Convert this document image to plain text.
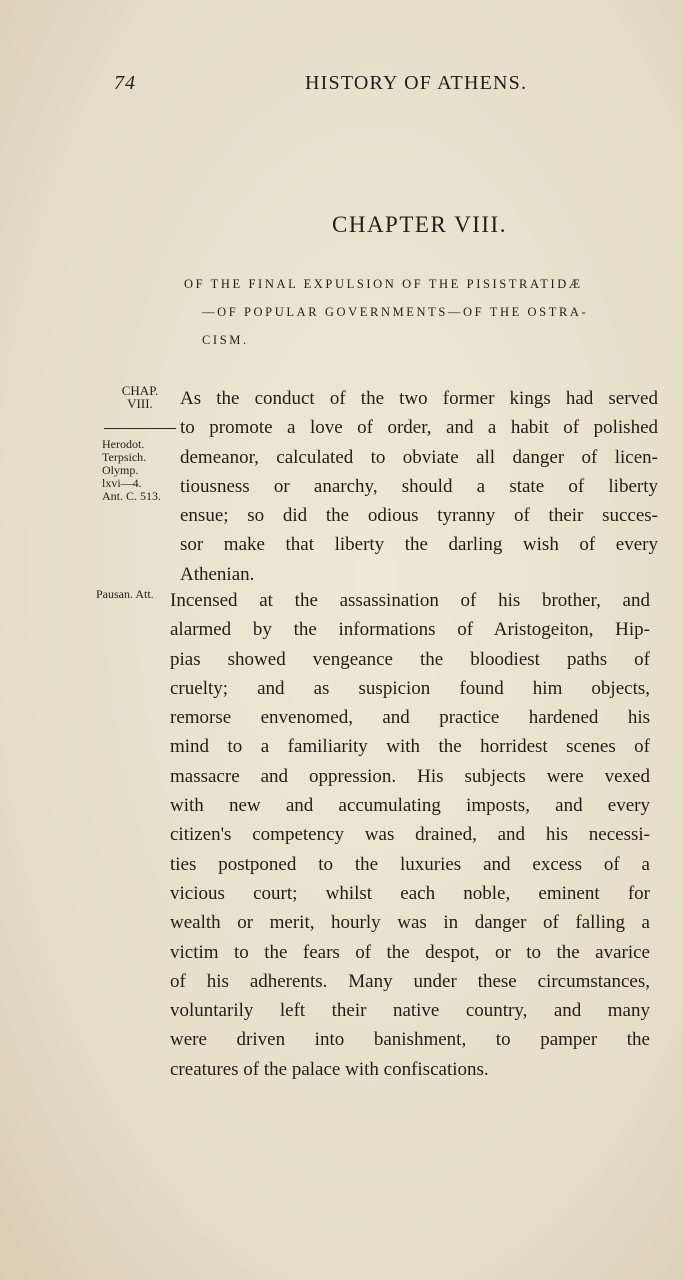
74	HISTORY OF ATHENS.
CHAPTER VIII.
OF THE FINAL EXPULSION OF THE PISISTRATIDÆ
—OF POPULAR GOVERNMENTS—OF THE OSTRA-
CISM.
CHAP.
VIII.
Herodot.
Terpsich.
Olymp.
lxvi—4.
Ant. C. 513.
Pausan. Att.
As the conduct of the two former kings had served
to promote a love of order, and a habit of polished
demeanor, calculated to obviate all danger of licen-
tiousness or anarchy, should a state of liberty
ensue; so did the odious tyranny of their succes-
sor make that liberty the darling wish of every
Athenian.
Incensed at the assassination of his brother, and
alarmed by the informations of Aristogeiton, Hip-
pias showed vengeance the bloodiest paths of
cruelty; and as suspicion found him objects,
remorse envenomed, and practice hardened his
mind to a familiarity with the horridest scenes of
massacre and oppression. His subjects were vexed
with new and accumulating imposts, and every
citizen's competency was drained, and his necessi-
ties postponed to the luxuries and excess of a
vicious court; whilst each noble, eminent for
wealth or merit, hourly was in danger of falling a
victim to the fears of the despot, or to the avarice
of his adherents. Many under these circumstances,
voluntarily left their native country, and many
were driven into banishment, to pamper the
creatures of the palace with confiscations.
